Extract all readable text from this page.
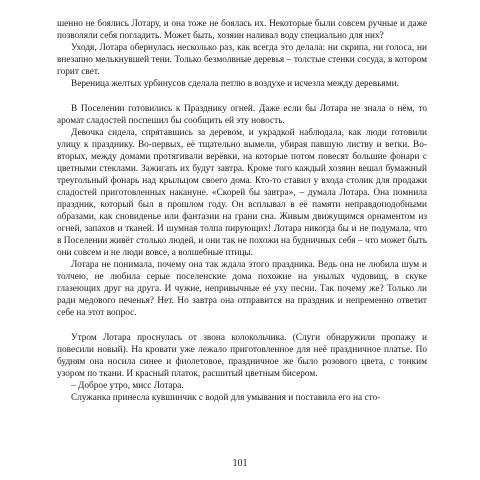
шенно не боялись Лотару, и она тоже не боялась их. Некоторые были совсем ручные и даже позволяли себя погладить. Может быть, хозяин наливал воду специально для них?

Уходя, Лотара обернулась несколько раз, как всегда это делала: ни скрипа, ни голоса, ни внезапно мелькнувшей тени. Только безмолвные деревья – толстые стенки сосуда, в котором горит свет.

Вереница желтых урбинусов сделала петлю в воздухе и исчезла между деревьями.

В Поселении готовились к Празднику огней. Даже если бы Лотара не знала о нём, то аромат сладостей поспешил бы сообщить ей эту новость.

Девочка сидела, спрятавшись за деревом, и украдкой наблюдала, как люди готовили улицу к празднику. Во-первых, её тщательно вымели, убирая павшую листву и ветки. Во-вторых, между домами протягивали верёвки, на которые потом повесят большие фонари с цветными стеклами. Зажигать их будут завтра. Кроме того каждый хозяин вешал бумажный треугольный фонарь над крыльцом своего дома. Кто-то ставил у входа столик для продажи сладостей приготовленных накануне. «Скорей бы завтра», – думала Лотара. Она помнила праздник, который был в прошлом году. Он всплывал в её памяти неправдоподобными образами, как сновиденье или фантазии на грани сна. Живым движущимся орнаментом из огней, запахов и тканей. И шумная толпа пирующих! Лотара никогда бы и не подумала, что в Поселении живёт столько людей, и они так не похожи на будничных себя – что может быть они совсем и не люди вовсе, а волшебные птицы.

Лотара не понимала, почему она так ждала этого праздника. Ведь она не любила шум и толчею, не любила серые поселенские дома похожие на унылых чудовищ, в скуке глазеющих друг на друга. И чужие, непривычные её уху песни. Так почему же? Только ли ради медового печенья? Нет. Но завтра она отправится на праздник и непременно ответит себе на этот вопрос.

Утром Лотара проснулась от звона колокольчика. (Слуги обнаружили пропажу и повесили новый). На кровати уже лежало приготовленное для неё праздничное платье. По будням она носила синее и фиолетовое, праздничное же было розового цвета, с тонким узором по ткани. И красный платок, расшитый цветным бисером.

– Доброе утро, мисс Лотара.

Служанка принесла кувшинчик с водой для умывания и поставила его на сто-

101
